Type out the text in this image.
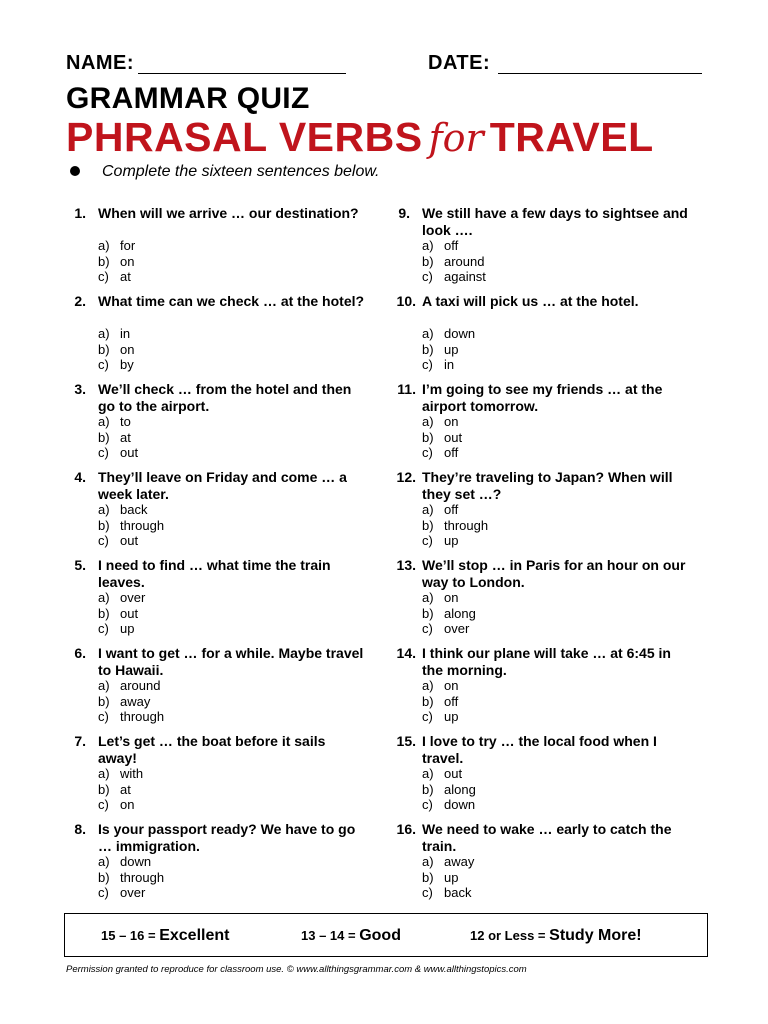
NAME:	DATE:
GRAMMAR QUIZ
PHRASAL VERBS for TRAVEL
Complete the sixteen sentences below.
1. When will we arrive … our destination?
a) for
b) on
c) at
2. What time can we check … at the hotel?
a) in
b) on
c) by
3. We’ll check … from the hotel and then go to the airport.
a) to
b) at
c) out
4. They’ll leave on Friday and come … a week later.
a) back
b) through
c) out
5. I need to find … what time the train leaves.
a) over
b) out
c) up
6. I want to get … for a while. Maybe travel to Hawaii.
a) around
b) away
c) through
7. Let’s get … the boat before it sails away!
a) with
b) at
c) on
8. Is your passport ready? We have to go … immigration.
a) down
b) through
c) over
9. We still have a few days to sightsee and look ….
a) off
b) around
c) against
10. A taxi will pick us … at the hotel.
a) down
b) up
c) in
11. I’m going to see my friends … at the airport tomorrow.
a) on
b) out
c) off
12. They’re traveling to Japan? When will they set …?
a) off
b) through
c) up
13. We’ll stop … in Paris for an hour on our way to London.
a) on
b) along
c) over
14. I think our plane will take … at 6:45 in the morning.
a) on
b) off
c) up
15. I love to try … the local food when I travel.
a) out
b) along
c) down
16. We need to wake … early to catch the train.
a) away
b) up
c) back
15 – 16 = Excellent	13 – 14 = Good	12 or Less = Study More!
Permission granted to reproduce for classroom use. © www.allthingsgrammar.com & www.allthingstopics.com
